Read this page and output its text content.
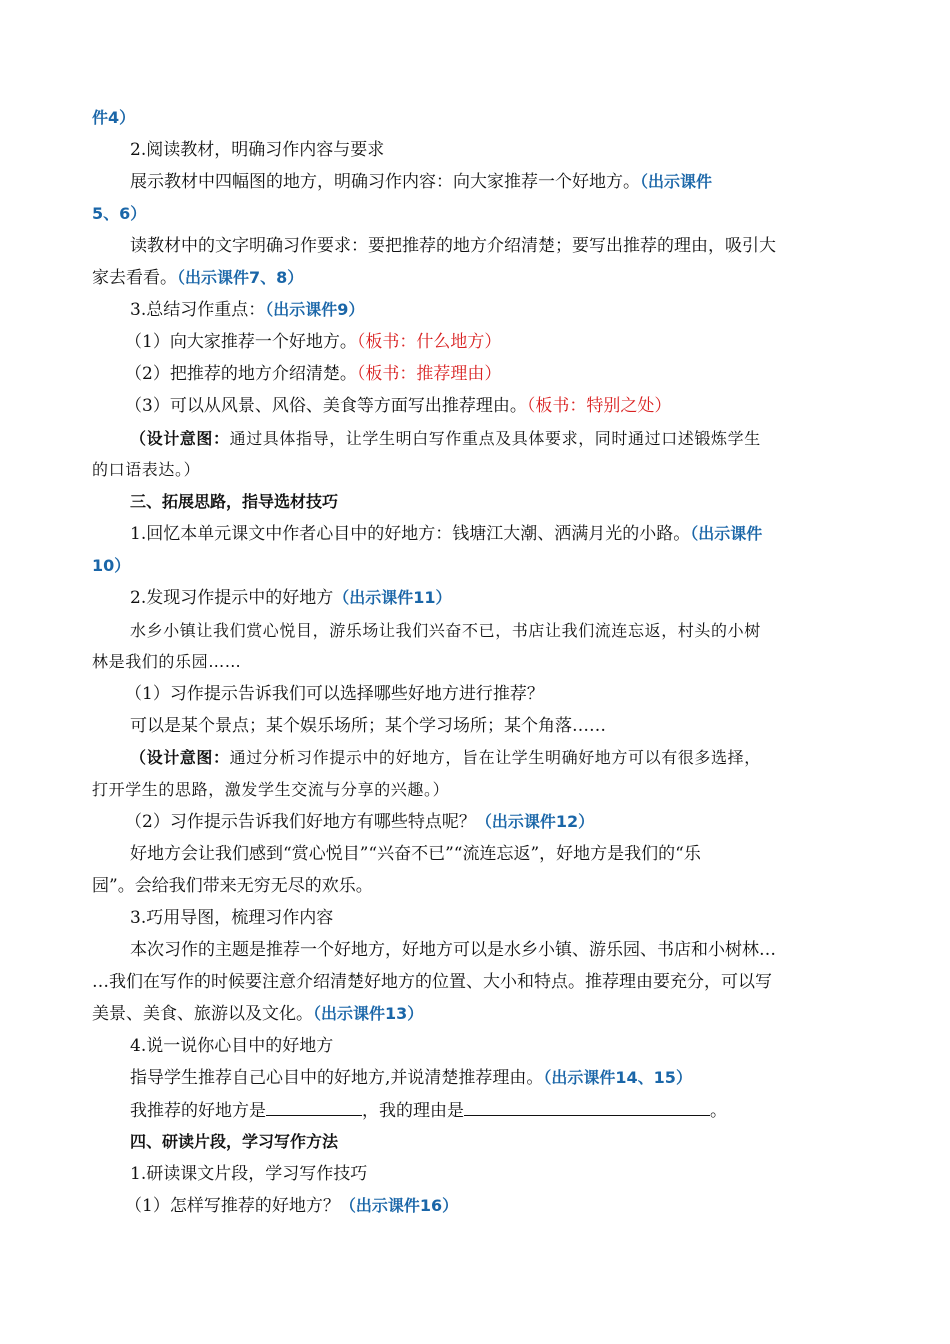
件4）
2.阅读教材，明确习作内容与要求
展示教材中四幅图的地方，明确习作内容：向大家推荐一个好地方。（出示课件
5、6）
读教材中的文字明确习作要求：要把推荐的地方介绍清楚；要写出推荐的理由，吸引大
家去看看。（出示课件7、8）
3.总结习作重点：（出示课件9）
（1）向大家推荐一个好地方。（板书：什么地方）
（2）把推荐的地方介绍清楚。（板书：推荐理由）
（3）可以从风景、风俗、美食等方面写出推荐理由。（板书：特别之处）
（设计意图：通过具体指导，让学生明白写作重点及具体要求，同时通过口述锻炼学生
的口语表达。）
三、拓展思路，指导选材技巧
1.回忆本单元课文中作者心目中的好地方：钱塘江大潮、洒满月光的小路。（出示课件
10）
2.发现习作提示中的好地方（出示课件11）
水乡小镇让我们赏心悦目，游乐场让我们兴奋不已，书店让我们流连忘返，村头的小树
林是我们的乐园……
（1）习作提示告诉我们可以选择哪些好地方进行推荐？
可以是某个景点；某个娱乐场所；某个学习场所；某个角落……
（设计意图：通过分析习作提示中的好地方，旨在让学生明确好地方可以有很多选择，
打开学生的思路，激发学生交流与分享的兴趣。）
（2）习作提示告诉我们好地方有哪些特点呢？（出示课件12）
好地方会让我们感到“赏心悦目”“兴奋不已”“流连忘返”，好地方是我们的“乐
园”。会给我们带来无穷无尽的欢乐。
3.巧用导图，梳理习作内容
本次习作的主题是推荐一个好地方，好地方可以是水乡小镇、游乐园、书店和小树林…
…我们在写作的时候要注意介绍清楚好地方的位置、大小和特点。推荐理由要充分，可以写
美景、美食、旅游以及文化。（出示课件13）
4.说一说你心目中的好地方
指导学生推荐自己心目中的好地方,并说清楚推荐理由。（出示课件14、15）
我推荐的好地方是	，我的理由是	。
四、研读片段，学习写作方法
1.研读课文片段，学习写作技巧
（1）怎样写推荐的好地方？（出示课件16）
